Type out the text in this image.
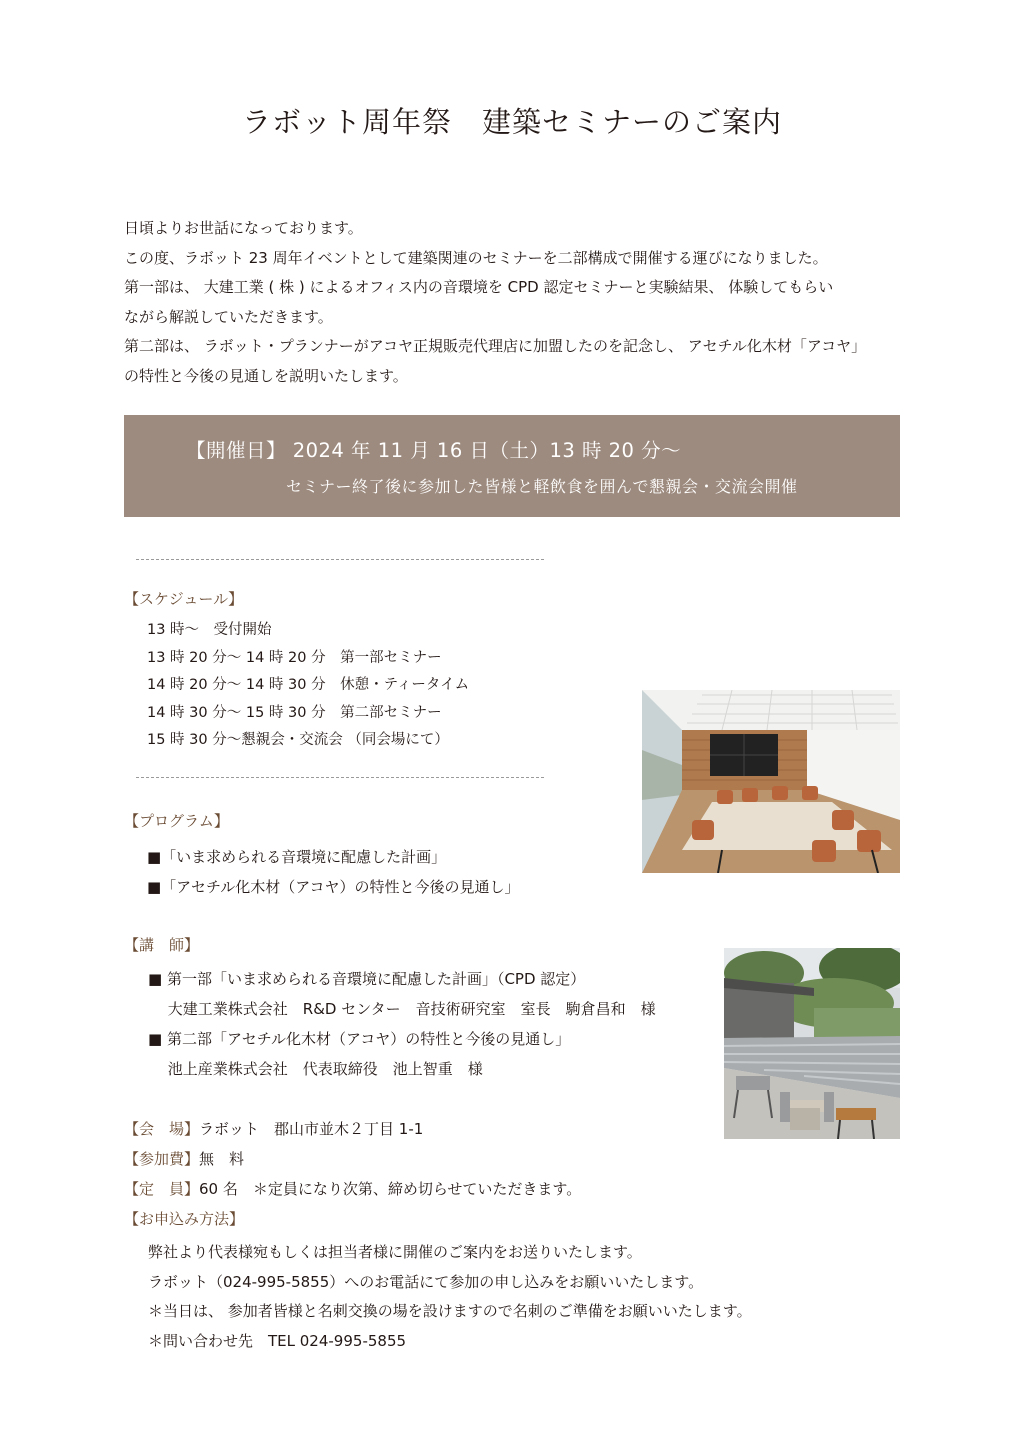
ラボット周年祭　建築セミナーのご案内

日頃よりお世話になっております。

この度、ラボット 23 周年イベントとして建築関連のセミナーを二部構成で開催する運びになりました。

第一部は、 大建工業 ( 株 ) によるオフィス内の音環境を CPD 認定セミナーと実験結果、 体験してもらい

ながら解説していただきます。

第二部は、 ラボット・プランナーがアコヤ正規販売代理店に加盟したのを記念し、 アセチル化木材「アコヤ」

の特性と今後の見通しを説明いたします。

【開催日】 2024 年 11 月 16 日（土）13 時 20 分～
セミナー終了後に参加した皆様と軽飲食を囲んで懇親会・交流会開催
【スケジュール】
13 時～　受付開始
13 時 20 分～ 14 時 20 分　第一部セミナー
14 時 20 分～ 14 時 30 分　休憩・ティータイム
14 時 30 分～ 15 時 30 分　第二部セミナー
15 時 30 分～懇親会・交流会 （同会場にて）
【プログラム】
■「いま求められる音環境に配慮した計画」
■「アセチル化木材（アコヤ）の特性と今後の見通し」
【講　師】
■ 第一部「いま求められる音環境に配慮した計画」（CPD 認定）
　 大建工業株式会社　R&D センター　音技術研究室　室長　駒倉昌和　様
■ 第二部「アセチル化木材（アコヤ）の特性と今後の見通し」
　 池上産業株式会社　代表取締役　池上智重　様
【会　場】ラボット　郡山市並木２丁目 1-1
【参加費】無　料
【定　員】60 名　＊定員になり次第、締め切らせていただきます。
【お申込み方法】
弊社より代表様宛もしくは担当者様に開催のご案内をお送りいたします。
ラボット（024-995-5855）へのお電話にて参加の申し込みをお願いいたします。
＊当日は、 参加者皆様と名刺交換の場を設けますので名刺のご準備をお願いいたします。
＊問い合わせ先　TEL 024-995-5855
